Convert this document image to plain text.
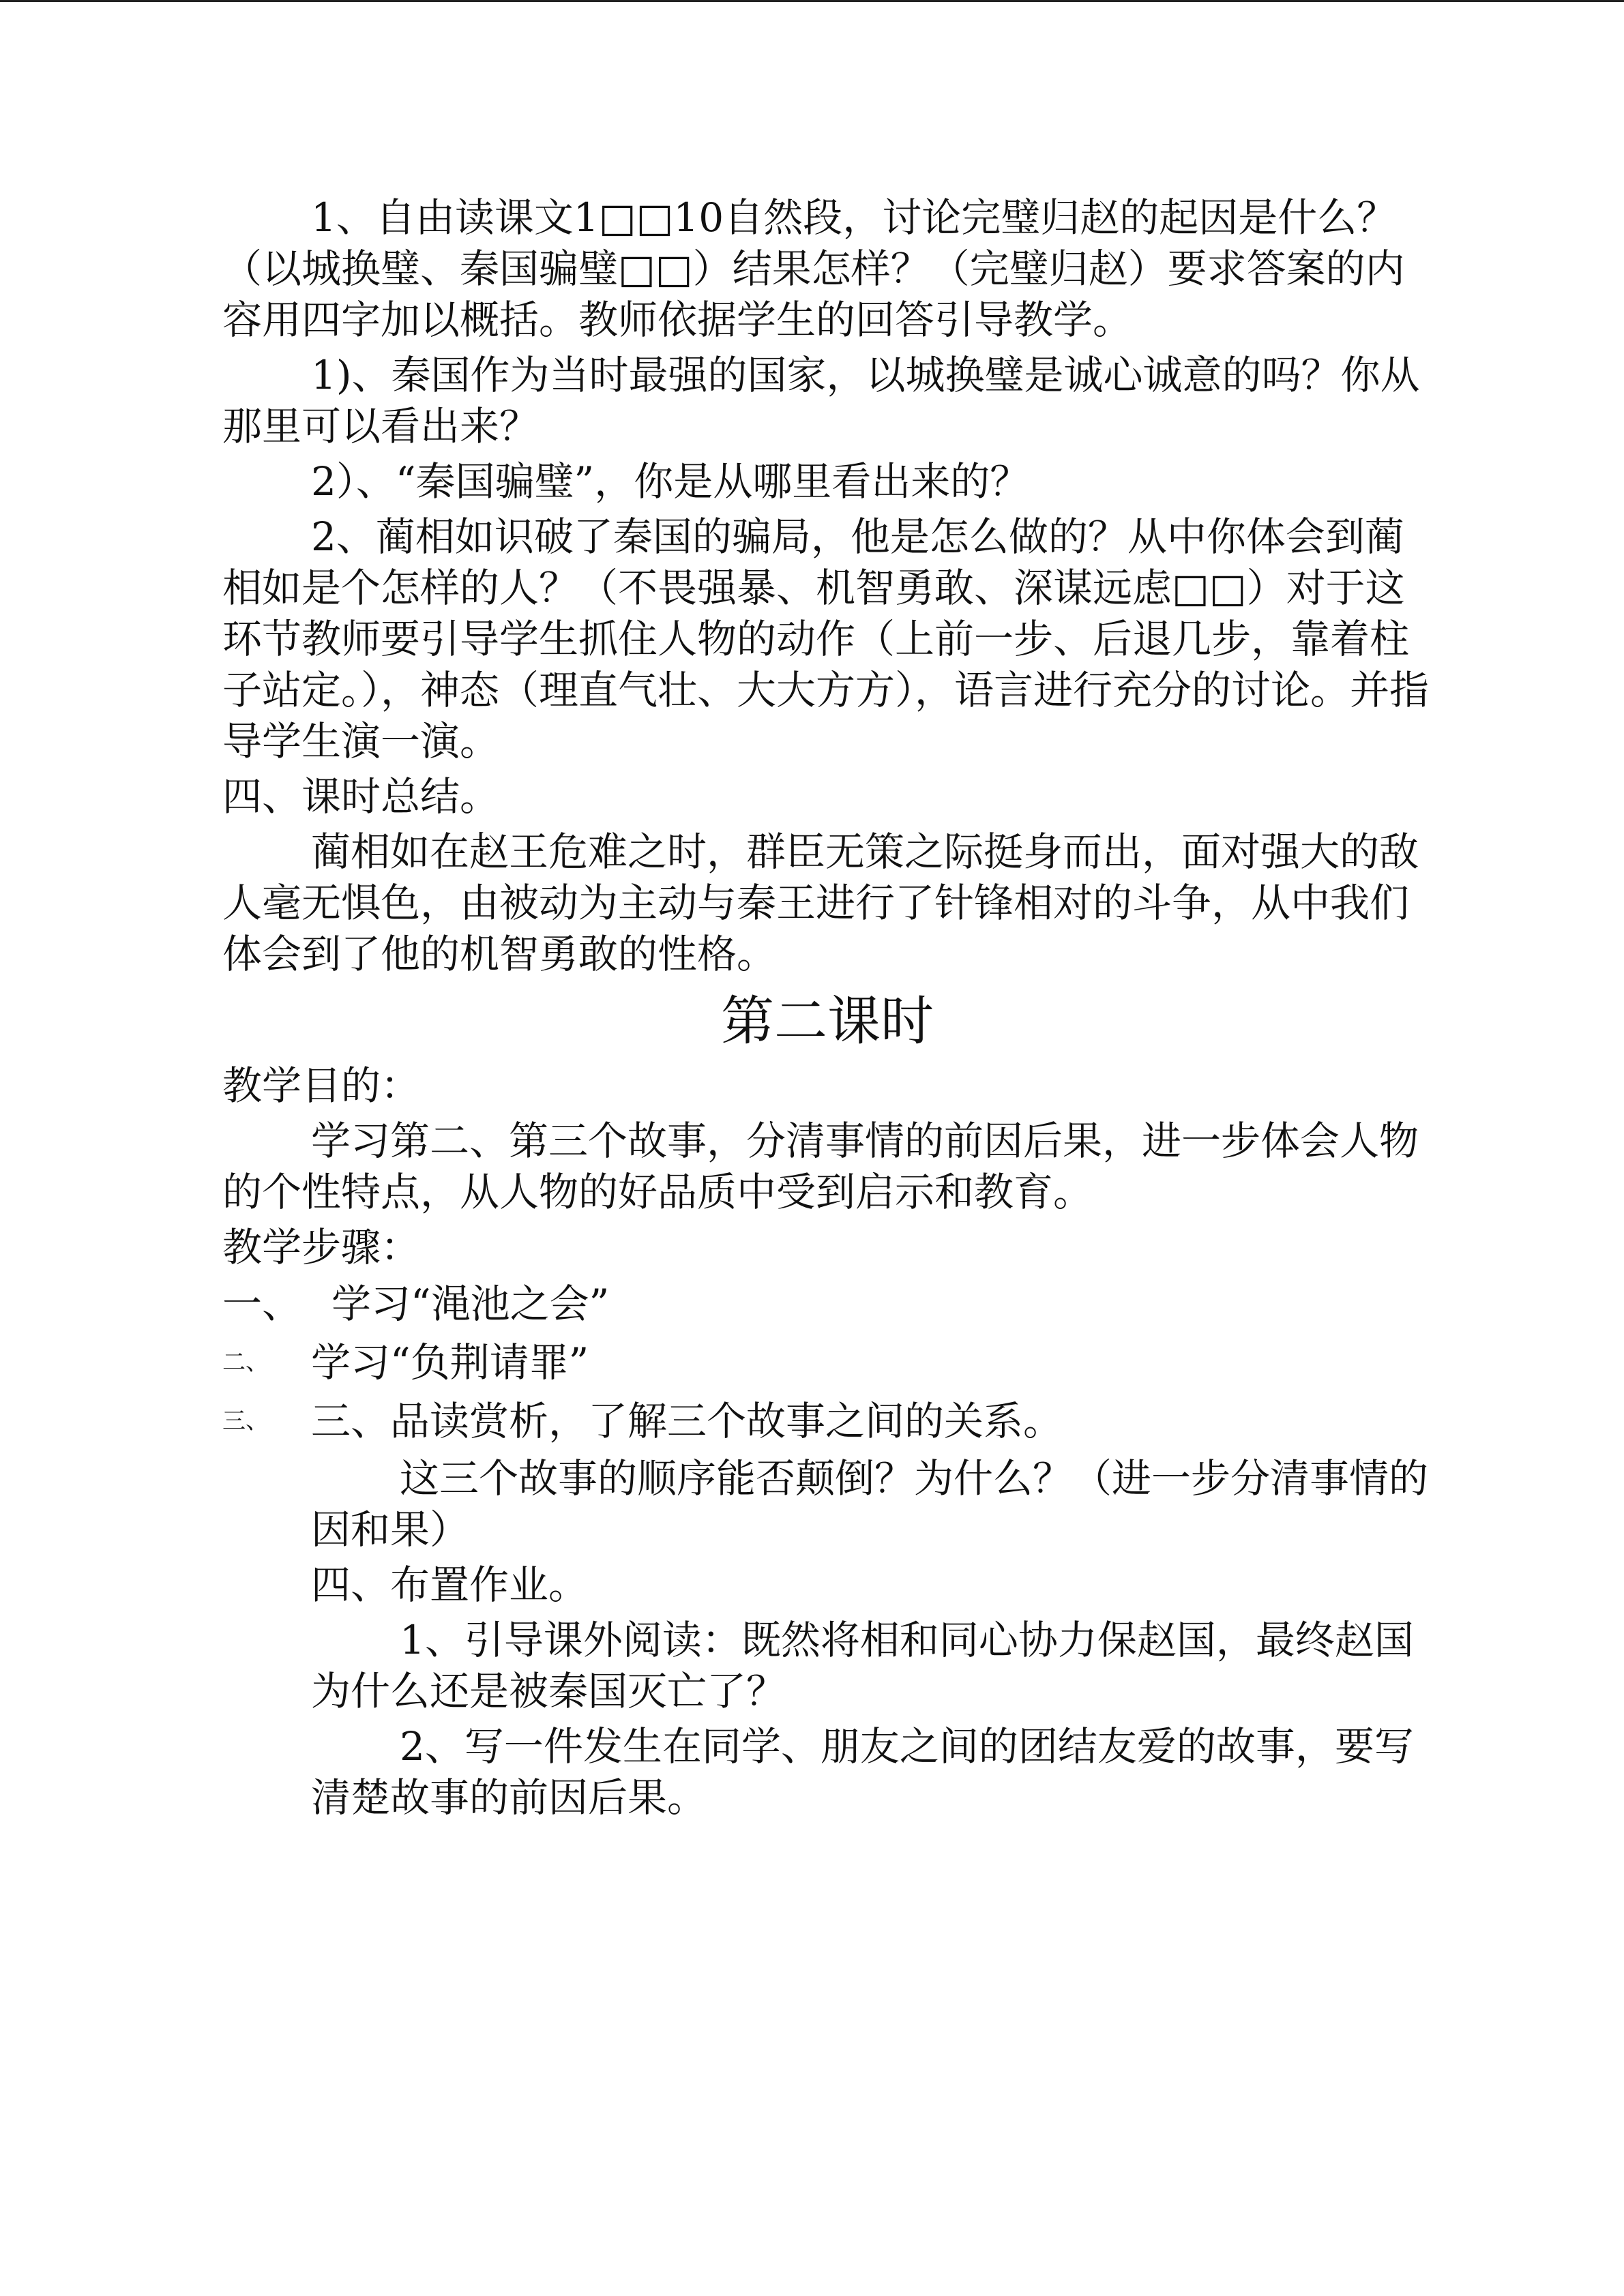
1、自由读课文1□□10自然段，讨论完璧归赵的起因是什么？（以城换璧、秦国骗璧□□）结果怎样？（完璧归赵）要求答案的内容用四字加以概括。教师依据学生的回答引导教学。

1)、秦国作为当时最强的国家，以城换璧是诚心诚意的吗？你从那里可以看出来？

2）、“秦国骗璧”，你是从哪里看出来的？

2、蔺相如识破了秦国的骗局，他是怎么做的？从中你体会到蔺相如是个怎样的人？（不畏强暴、机智勇敢、深谋远虑□□）对于这环节教师要引导学生抓住人物的动作（上前一步、后退几步，靠着柱子站定。），神态（理直气壮、大大方方），语言进行充分的讨论。并指导学生演一演。

四、课时总结。

蔺相如在赵王危难之时，群臣无策之际挺身而出，面对强大的敌人毫无惧色，由被动为主动与秦王进行了针锋相对的斗争，从中我们体会到了他的机智勇敢的性格。

第二课时

教学目的：

学习第二、第三个故事，分清事情的前因后果，进一步体会人物的个性特点，从人物的好品质中受到启示和教育。

教学步骤：

一、 学习“渑池之会”
二、 学习“负荆请罪”
三、 三、品读赏析，了解三个故事之间的关系。

这三个故事的顺序能否颠倒？为什么？（进一步分清事情的因和果）

四、布置作业。

1、引导课外阅读：既然将相和同心协力保赵国，最终赵国为什么还是被秦国灭亡了？

2、写一件发生在同学、朋友之间的团结友爱的故事，要写清楚故事的前因后果。
